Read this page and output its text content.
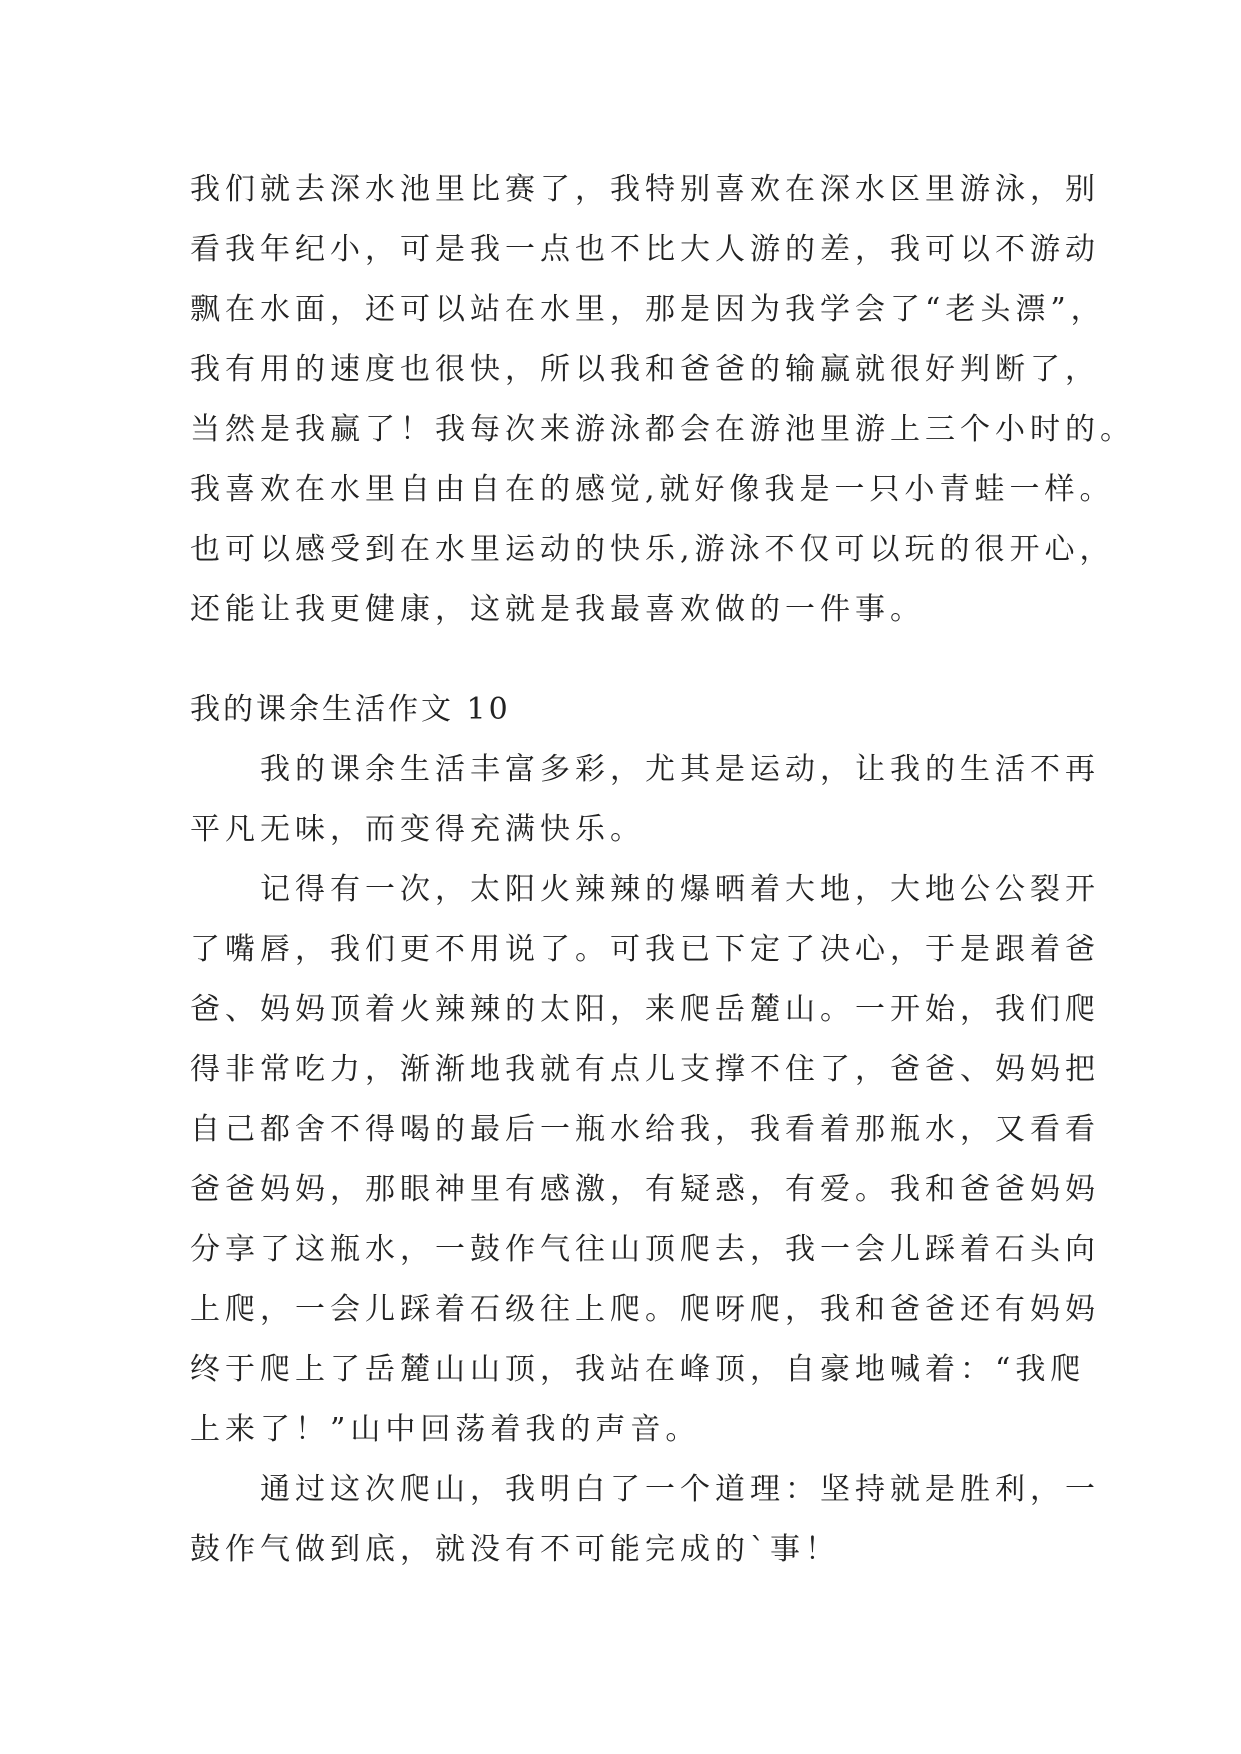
我们就去深水池里比赛了，我特别喜欢在深水区里游泳，别
看我年纪小，可是我一点也不比大人游的差，我可以不游动
飘在水面，还可以站在水里，那是因为我学会了“老头漂”，
我有用的速度也很快，所以我和爸爸的输赢就很好判断了，
当然是我赢了！我每次来游泳都会在游池里游上三个小时的。
我喜欢在水里自由自在的感觉,就好像我是一只小青蛙一样。
也可以感受到在水里运动的快乐,游泳不仅可以玩的很开心，
还能让我更健康，这就是我最喜欢做的一件事。
我的课余生活作文 10
我的课余生活丰富多彩，尤其是运动，让我的生活不再
平凡无味，而变得充满快乐。
记得有一次，太阳火辣辣的爆晒着大地，大地公公裂开
了嘴唇，我们更不用说了。可我已下定了决心，于是跟着爸
爸、妈妈顶着火辣辣的太阳，来爬岳麓山。一开始，我们爬
得非常吃力，渐渐地我就有点儿支撑不住了，爸爸、妈妈把
自己都舍不得喝的最后一瓶水给我，我看着那瓶水，又看看
爸爸妈妈，那眼神里有感激，有疑惑，有爱。我和爸爸妈妈
分享了这瓶水，一鼓作气往山顶爬去，我一会儿踩着石头向
上爬，一会儿踩着石级往上爬。爬呀爬，我和爸爸还有妈妈
终于爬上了岳麓山山顶，我站在峰顶，自豪地喊着：“我爬
上来了！”山中回荡着我的声音。
通过这次爬山，我明白了一个道理：坚持就是胜利，一
鼓作气做到底，就没有不可能完成的`事！
